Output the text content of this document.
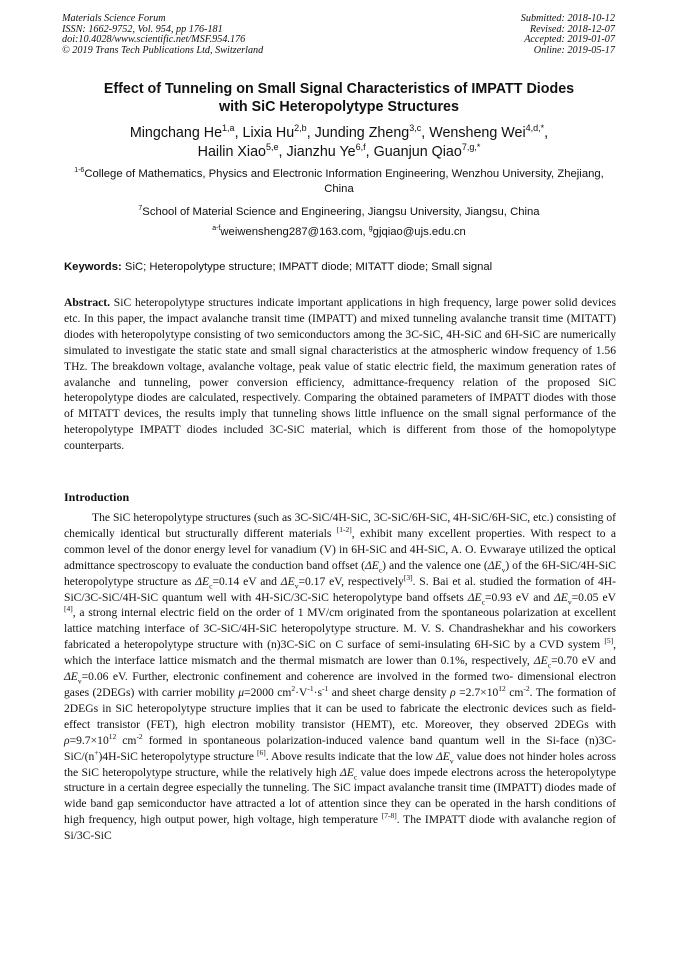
Materials Science Forum
ISSN: 1662-9752, Vol. 954, pp 176-181
doi:10.4028/www.scientific.net/MSF.954.176
© 2019 Trans Tech Publications Ltd, Switzerland
Submitted: 2018-10-12
Revised: 2018-12-07
Accepted: 2019-01-07
Online: 2019-05-17
Effect of Tunneling on Small Signal Characteristics of IMPATT Diodes
with SiC Heteropolytype Structures
Mingchang He$^{1,a}$, Lixia Hu$^{2,b}$, Junding Zheng$^{3,c}$, Wensheng Wei$^{4,d,*}$,
Hailin Xiao$^{5,e}$, Jianzhu Ye$^{6,f}$, Guanjun Qiao$^{7,g,*}$
$^{1-6}$College of Mathematics, Physics and Electronic Information Engineering, Wenzhou University, Zhejiang, China
$^7$School of Material Science and Engineering, Jiangsu University, Jiangsu, China
$^{a-f}$weiwensheng287@163.com, $^g$gjqiao@ujs.edu.cn
Keywords: SiC; Heteropolytype structure; IMPATT diode; MITATT diode; Small signal
Abstract. SiC heteropolytype structures indicate important applications in high frequency, large power solid devices etc. In this paper, the impact avalanche transit time (IMPATT) and mixed tunneling avalanche transit time (MITATT) diodes with heteropolytype consisting of two semiconductors among the 3C-SiC, 4H-SiC and 6H-SiC are numerically simulated to investigate the static state and small signal characteristics at the atmospheric window frequency of 1.56 THz. The breakdown voltage, avalanche voltage, peak value of static electric field, the maximum generation rates of avalanche and tunneling, power conversion efficiency, admittance-frequency relation of the proposed SiC heteropolytype diodes are calculated, respectively. Comparing the obtained parameters of IMPATT diodes with those of MITATT devices, the results imply that tunneling shows little influence on the small signal performance of the heteropolytype IMPATT diodes included 3C-SiC material, which is different from those of the homopolytype counterparts.
Introduction

The SiC heteropolytype structures (such as 3C-SiC/4H-SiC, 3C-SiC/6H-SiC, 4H-SiC/6H-SiC, etc.) consisting of chemically identical but structurally different materials [1-2], exhibit many excellent properties. With respect to a common level of the donor energy level for vanadium (V) in 6H-SiC and 4H-SiC, A. O. Evwaraye utilized the optical admittance spectroscopy to evaluate the conduction band offset $(\Delta E_c)$ and the valence one $(\Delta E_v)$ of the 6H-SiC/4H-SiC heteropolytype structure as $\Delta E_c=0.14$ eV and $\Delta E_v=0.17$ eV, respectively[3]. S. Bai et al. studied the formation of 4H-SiC/3C-SiC/4H-SiC quantum well with 4H-SiC/3C-SiC heteropolytype band offsets $\Delta E_c=0.93$ eV and $\Delta E_v=0.05$ eV [4], a strong internal electric field on the order of 1 MV/cm originated from the spontaneous polarization at excellent lattice matching interface of 3C-SiC/4H-SiC heteropolytype structure. M. V. S. Chandrashekhar and his coworkers fabricated a heteropolytype structure with (n)3C-SiC on C surface of semi-insulating 6H-SiC by a CVD system [5], which the interface lattice mismatch and the thermal mismatch are lower than 0.1%, respectively, $\Delta E_c=0.70$ eV and $\Delta E_v=0.06$ eV. Further, electronic confinement and coherence are involved in the formed two- dimensional electron gases (2DEGs) with carrier mobility μ=2000 cm$^2$·V$^{-1}$·s$^{-1}$ and sheet charge density ρ =2.7×10$^{12}$ cm$^{-2}$. The formation of 2DEGs in SiC heteropolytype structure implies that it can be used to fabricate the electronic devices such as field-effect transistor (FET), high electron mobility transistor (HEMT), etc. Moreover, they observed 2DEGs with ρ=9.7×10$^{12}$ cm$^{-2}$ formed in spontaneous polarization-induced valence band quantum well in the Si-face (n)3C-SiC/(n+)4H-SiC heteropolytype structure [6]. Above results indicate that the low $\Delta E_v$ value does not hinder holes across the SiC heteropolytype structure, while the relatively high $\Delta E_c$ value does impede electrons across the heteropolytype structure in a certain degree especially the tunneling. The SiC impact avalanche transit time (IMPATT) diodes made of wide band gap semiconductor have attracted a lot of attention since they can be operated in the harsh conditions of high frequency, high output power, high voltage, high temperature [7-8]. The IMPATT diode with avalanche region of Si/3C-SiC
